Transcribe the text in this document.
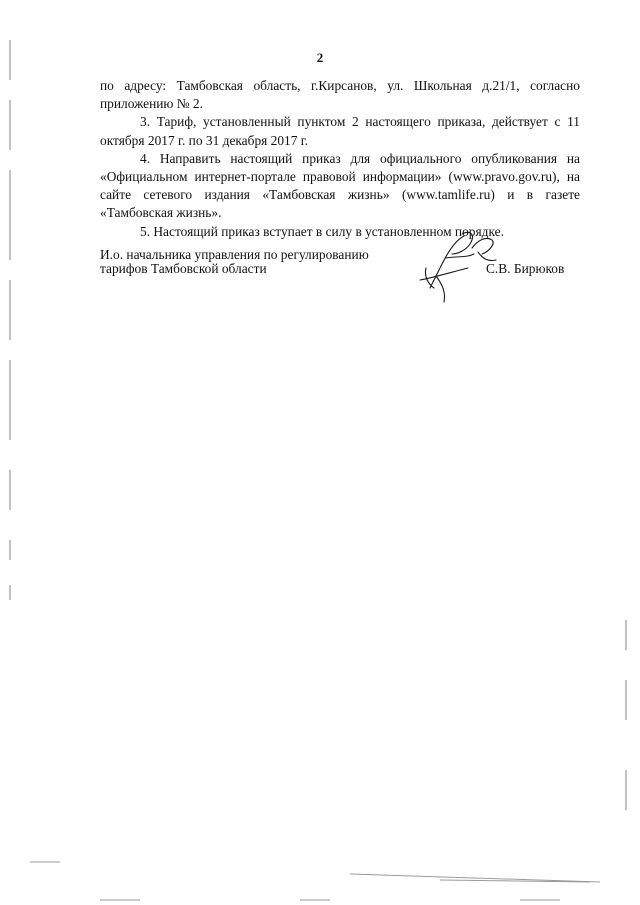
2

по адресу: Тамбовская область, г.Кирсанов, ул. Школьная д.21/1, согласно приложению № 2.

3. Тариф, установленный пунктом 2 настоящего приказа, действует с 11 октября 2017 г. по 31 декабря 2017 г.

4. Направить настоящий приказ для официального опубликования на «Официальном интернет-портале правовой информации» (www.pravo.gov.ru), на сайте сетевого издания «Тамбовская жизнь» (www.tamlife.ru) и в газете «Тамбовская жизнь».

5. Настоящий приказ вступает в силу в установленном порядке.

И.о. начальника управления по регулированию
тарифов Тамбовской области	С.В. Бирюков
